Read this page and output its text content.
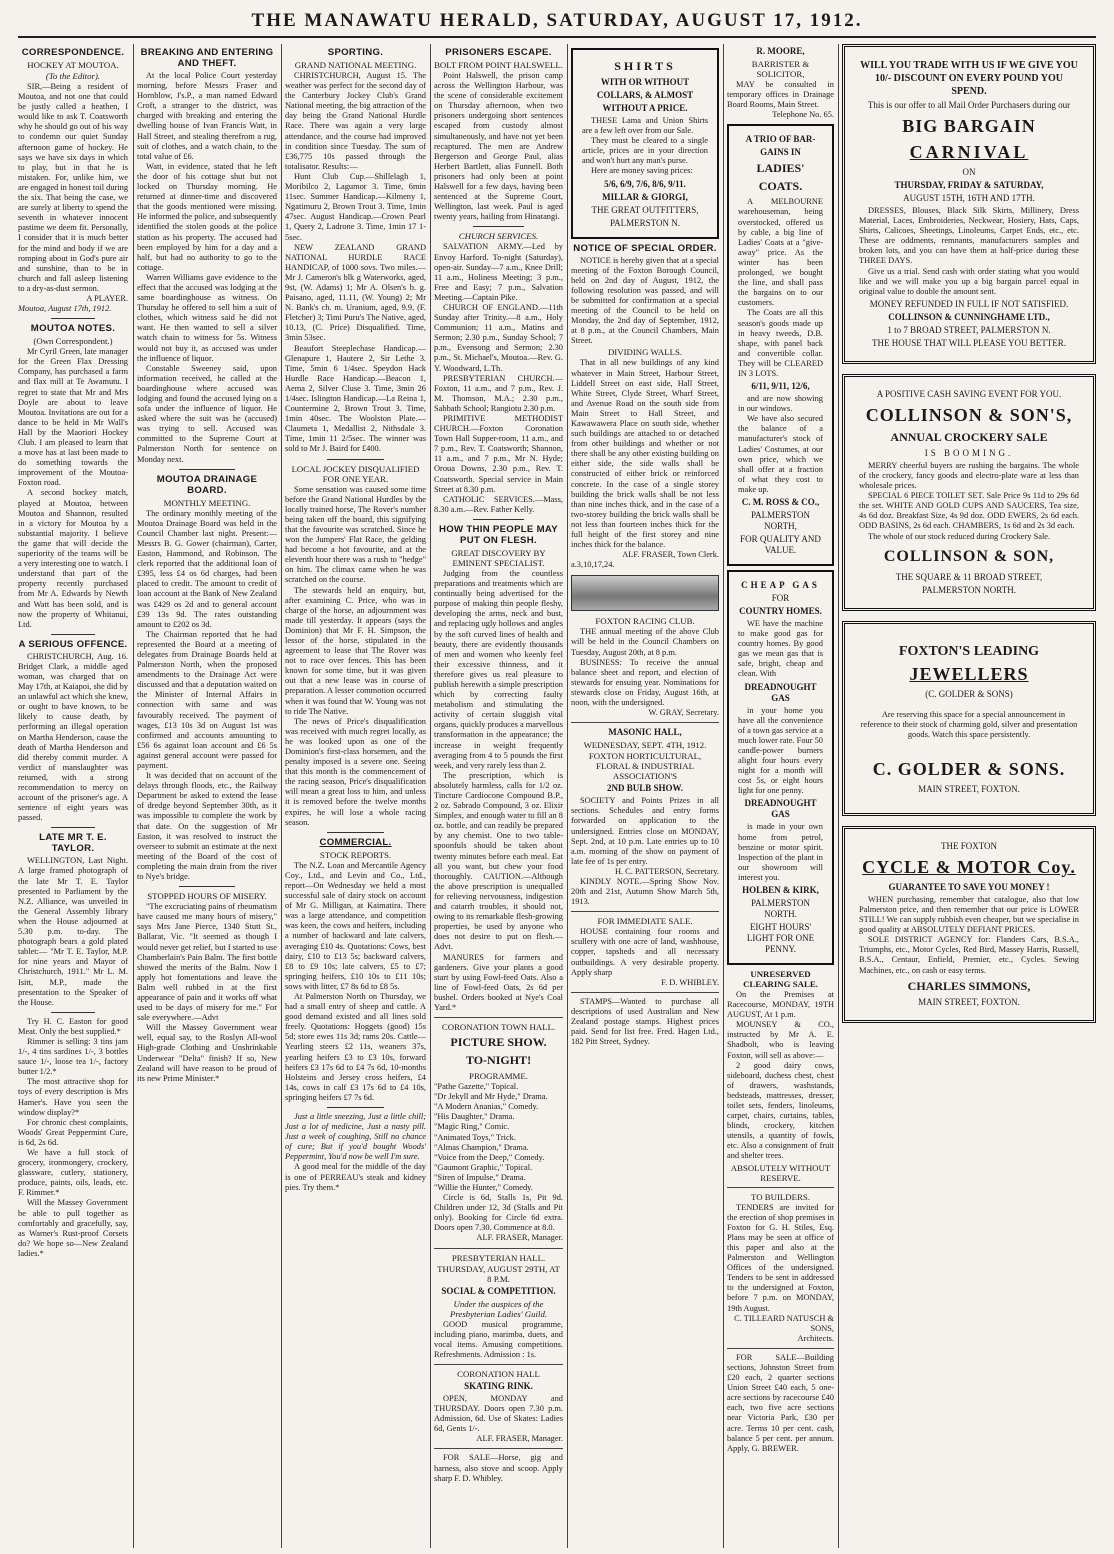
THE MANAWATU HERALD, SATURDAY, AUGUST 17, 1912.
CORRESPONDENCE.
HOCKEY AT MOUTOA.
(To the Editor).

SIR,—Being a resident of Moutoa, and not one that could be justly called a heathen, I would like to ask T. Coatsworth why he should go out of his way to condemn our quiet Sunday afternoon game of hockey. He says we have six days in which to play, but in that he is mistaken. For, unlike him, we are engaged in honest toil during the six. That being the case, we are surely at liberty to spend the seventh in whatever innocent pastime we deem fit. Personally, I consider that it is much better for the mind and body if we are romping about in God's pure air and sunshine, than to be in church and fall asleep listening to a dry-as-dust sermon.

A PLAYER.
Moutoa, August 17th, 1912.
MOUTOA NOTES.
(Own Correspondent.)

Mr Cyril Green, late manager for the Green Flax Dressing Company, has purchased a farm and flax mill at Te Awamutu. I regret to state that Mr and Mrs Doyle are about to leave Moutoa. Invitations are out for a dance to be held in Mr Wall's Hall by the Maoriori Hockey Club. I am pleased to learn that a move has at last been made to do something towards the improvement of the Moutoa-Foxton road.

A second hockey match, played at Moutoa, between Moutoa and Shannon, resulted in a victory for Moutoa by a substantial majority. I believe the game that will decide the superiority of the teams will be a very interesting one to watch. I understand that part of the property recently purchased from Mr A. Edwards by Newth and Watt has been sold, and is now the property of Whitanui, Ltd.

A SERIOUS OFFENCE.

CHRISTCHURCH, Aug. 16. Bridget Clark, a middle aged woman, was charged that on May 17th, at Kaiapoi, she did by an unlawful act which she knew, or ought to have known, to be likely to cause death, by performing an illegal operation on Martha Henderson, cause the death of Martha Henderson and did thereby commit murder. A verdict of manslaughter was returned, with a strong recommendation to mercy on account of the prisoner's age. A sentence of eight years was passed.

LATE MR T. E. TAYLOR.

WELLINGTON, Last Night. A large framed photograph of the late Mr T. E. Taylor presented to Parliament by the N.Z. Alliance, was unveiled in the General Assembly library when the House adjourned at 5.30 p.m. to-day. The photograph bears a gold plated tablet:— "Mr T. E. Taylor, M.P. for nine years and Mayor of Christchurch, 1911." Mr L. M. Isitt, M.P., made the presentation to the Speaker of the House.

Try H. C. Easton for good Meat. Only the best supplied.*

Rimmer is selling: 3 tins jam 1/-, 4 tins sardines 1/-, 3 bottles sauce 1/-, loose tea 1/-, factory butter 1/2.*

The most attractive shop for toys of every description is Mrs Hamer's. Have you seen the window display?*

For chronic chest complaints, Woods' Great Peppermint Cure, is 6d, 2s 6d.

We have a full stock of grocery, ironmongery, crockery, glassware, cutlery, stationery, produce, paints, oils, leads, etc. F. Rimmer.*

Will the Massey Government be able to pull together as comfortably and gracefully, say, as Warner's Rust-proof Corsets do? We hope so—New Zealand ladies.*

BREAKING AND ENTERING AND THEFT.

At the local Police Court yesterday morning, before Messrs Fraser and Hornblow, J's.P., a man named Edward Croft, a stranger to the district, was charged with breaking and entering the dwelling house of Ivan Francis Watt, in Hall Street, and stealing therefrom a rug, suit of clothes, and a watch chain, to the total value of £6.

Watt, in evidence, stated that he left the door of his cottage shut but not locked on Thursday morning. He returned at dinner-time and discovered that the goods mentioned were missing. He informed the police, and subsequently identified the stolen goods at the police station as his property. The accused had been employed by him for a day and a half, but had no authority to go to the cottage.

Warren Williams gave evidence to the effect that the accused was lodging at the same boardinghouse as witness. On Thursday he offered to sell him a suit of clothes, which witness said he did not want. He then wanted to sell a silver watch chain to witness for 5s. Witness would not buy it, as accused was under the influence of liquor.

Constable Sweeney said, upon information received, he called at the boardinghouse where accused was lodging and found the accused lying on a sofa under the influence of liquor. He asked where the suit was he (accused) was trying to sell. Accused was committed to the Supreme Court at Palmerston North for sentence on Monday next.

MOUTOA DRAINAGE BOARD.
MONTHLY MEETING.

The ordinary monthly meeting of the Moutoa Drainage Board was held in the Council Chamber last night. Present:—Messrs B. G. Gower (chairman), Carter, Easton, Hammond, and Robinson. The clerk reported that the additional loan of £395, less £4 os 6d charges, had been placed to credit. The amount to credit of loan account at the Bank of New Zealand was £429 os 2d and to general account £39 13s 9d. The rates outstanding amount to £202 os 3d.

The Chairman reported that he had represented the Board at a meeting of delegates from Drainage Boards held at Palmerston North, when the proposed amendments to the Drainage Act were discussed and that a deputation waited on the Minister of Internal Affairs in connection with same and was favourably received. The payment of wages, £13 10s 3d on August 1st was confirmed and accounts amounting to £56 6s against loan account and £6 5s against general account were passed for payment.

It was decided that on account of the delays through floods, etc., the Railway Department be asked to extend the lease of dredge beyond September 30th, as it was impossible to complete the work by that date. On the suggestion of Mr Easton, it was resolved to instruct the overseer to submit an estimate at the next meeting of the Board of the cost of completing the main drain from the river to Nye's bridge.

STOPPED HOURS OF MISERY.

"The excruciating pains of rheumatism have caused me many hours of misery," says Mrs Jane Pierce, 1340 Stutt St., Ballarat, Vic. "It seemed as though I would never get relief, but I started to use Chamberlain's Pain Balm. The first bottle showed the merits of the Balm. Now I apply hot fomentations and leave the Balm well rubbed in at the first appearance of pain and it works off what used to be days of misery for me." For sale everywhere.—Advt

Will the Massey Government wear well, equal say, to the Roslyn All-wool High-grade Clothing and Unshrinkable Underwear "Delta" finish? If so, New Zealand will have reason to be proud of its new Prime Minister.*

SPORTING.
GRAND NATIONAL MEETING.

CHRISTCHURCH, August 15. The weather was perfect for the second day of the Canterbury Jockey Club's Grand National meeting, the big attraction of the day being the Grand National Hurdle Race. There was again a very large attendance, and the course had improved in condition since Tuesday. The sum of £36,775 10s passed through the totalisator. Results:—

Hunt Club Cup.—Shillelagh 1, Moribilco 2, Lagumor 3. Time, 6min 11sec. Summer Handicap.—Kilmeny 1, Ngatimuru 2, Brown Trout 3. Time, 1min 47sec. August Handicap.—Crown Pearl 1, Query 2, Ladrone 3. Time, 1min 17 1-5sec.

NEW ZEALAND GRAND NATIONAL HURDLE RACE HANDICAP, of 1000 sovs. Two miles.—Mr J. Cameron's blk g Waterworks, aged, 9st, (W. Adams) 1; Mr A. Olsen's b. g. Paisano, aged, 11.11, (W. Young) 2; Mr N. Bank's ch. m. Uranium, aged, 9.9, (F. Fletcher) 3; Timi Puru's The Native, aged, 10.13, (C. Price) Disqualified. Time, 3min 53sec.

Beaufort Steeplechase Handicap.—Glenapure 1, Hautere 2, Sir Lethe 3. Time, 5min 6 1/4sec. Speydon Hack Hurdle Race Handicap.—Beacon 1, Aema 2, Silver Cluse 3. Time, 3min 26 1/4sec. Islington Handicap.—La Reina 1, Countermine 2, Brown Trout 3. Time, 1min 40sec. The Woolston Plate.—Claumeta 1, Medallist 2, Nithsdale 3. Time, 1min 11 2/5sec. The winner was sold to Mr J. Baird for £400.

LOCAL JOCKEY DISQUALIFIED FOR ONE YEAR.

Some sensation was caused some time before the Grand National Hurdles by the locally trained horse, The Rover's number being taken off the board, this signifying that the favourite was scratched. Since he won the Jumpers' Flat Race, the gelding had become a hot favourite, and at the eleventh hour there was a rush to "hedge" on him. The climax came when he was scratched on the course.

The stewards held an enquiry, but, after examining C. Price, who was in charge of the horse, an adjournment was made till yesterday. It appears (says the Dominion) that Mr F. H. Simpson, the lessor of the horse, stipulated in the agreement to lease that The Rover was not to race over fences. This has been known for some time, but it was given out that a new lease was in course of preparation. A lesser commotion occurred when it was found that W. Young was not to ride The Native.

The news of Price's disqualification was received with much regret locally, as he was looked upon as one of the Dominion's first-class horsemen, and the penalty imposed is a severe one. Seeing that this month is the commencement of the racing season, Price's disqualification will mean a great loss to him, and unless it is removed before the twelve months expires, he will lose a whole racing season.

COMMERCIAL.
STOCK REPORTS.

The N.Z. Loan and Mercantile Agency Coy., Ltd., and Levin and Co., Ltd., report—On Wednesday we held a most successful sale of dairy stock on account of Mr G. Milligan, at Kaimatira. There was a large attendance, and competition was keen, the cows and heifers, including a number of backward and late calvers, averaging £10 4s. Quotations: Cows, best dairy, £10 to £13 5s; backward calvers, £8 to £9 10s; late calvers, £5 to £7; springing heifers, £10 10s to £11 10s; sows with litter, £7 8s 6d to £8 5s.

At Palmerston North on Thursday, we had a small entry of sheep and cattle. A good demand existed and all lines sold freely. Quotations: Hoggets (good) 15s 5d; store ewes 11s 3d; rams 20s. Cattle—Yearling steers £2 11s, weaners 37s, yearling heifers £3 to £3 10s, forward heifers £3 17s 6d to £4 7s 6d, 10-months Holsteins and Jersey cross heifers, £4 14s, cows in calf £3 17s 6d to £4 10s, springing heifers £7 7s 6d.

Just a little sneezing, Just a little chill; Just a lot of medicine, Just a nasty pill. Just a week of coughing, Still no chance of cure; But if you'd bought Woods' Peppermint, You'd now be well I'm sure.

A good meal for the middle of the day is one of PERREAU's steak and kidney pies. Try them.*

PRISONERS ESCAPE.
BOLT FROM POINT HALSWELL.

Point Halswell, the prison camp across the Wellington Harbour, was the scene of considerable excitement on Thursday afternoon, when two prisoners undergoing short sentences escaped from custody almost simultaneously, and have not yet been recaptured. The men are Andrew Bergerson and George Paul, alias Herbert Bartlett, alias Funnell. Both prisoners had only been at point Halswell for a few days, having been sentenced at the Supreme Court, Wellington, last week. Paul is aged twenty years, hailing from Hinatangi.

CHURCH SERVICES.

SALVATION ARMY.—Led by Envoy Harford. To-night (Saturday), open-air. Sunday—7 a.m., Knee Drill; 11 a.m., Holiness Meeting; 3 p.m., Free and Easy; 7 p.m., Salvation Meeting.—Captain Pike.

CHURCH OF ENGLAND.—11th Sunday after Trinity.—8 a.m., Holy Communion; 11 a.m., Matins and Sermon; 2.30 p.m., Sunday School; 7 p.m., Evensong and Sermon; 2.30 p.m., St. Michael's, Moutoa.—Rev. G. Y. Woodward, L.Th.

PRESBYTERIAN CHURCH.—Foxton, 11 a.m., and 7 p.m., Rev. J. M. Thomson, M.A.; 2.30 p.m., Sabbath School; Rangiotu 2.30 p.m.

PRIMITIVE METHODIST CHURCH.—Foxton Coronation Town Hall Supper-room, 11 a.m., and 7 p.m., Rev. T. Coatsworth; Shannon, 11 a.m., and 7 p.m., Mr N. Hyde; Oroua Downs, 2.30 p.m., Rev. T. Coatsworth. Special service in Main Street at 8.30 p.m.

CATHOLIC SERVICES.—Mass, 8.30 a.m.—Rev. Father Kelly.

HOW THIN PEOPLE MAY PUT ON FLESH.
GREAT DISCOVERY BY EMINENT SPECIALIST.

Judging from the countless preparations and treatments which are continually being advertised for the purpose of making thin people fleshy, developing the arms, neck and bust, and replacing ugly hollows and angles by the soft curved lines of health and beauty, there are evidently thousands of men and women who keenly feel their excessive thinness, and it therefore gives us real pleasure to publish herewith a simple prescription which by correcting faulty metabolism and stimulating the activity of certain sluggish vital organs, quickly produces a marvellous transformation in the appearance; the increase in weight frequently averaging from 4 to 5 pounds the first week, and very rarely less than 2.

The prescription, which is absolutely harmless, calls for 1/2 oz. Tincture Cardiocone Compound B.P., 2 oz. Sabrado Compound, 3 oz. Elixir Simplex, and enough water to fill an 8 oz. bottle, and can readily be prepared by any chemist. One to two table-spoonfuls should be taken about twenty minutes before each meal. Eat all you want, but chew your food thoroughly. CAUTION.—Although the above prescription is unequalled for relieving nervousness, indigestion and catarrh troubles, it should not, owing to its remarkable flesh-growing properties, be used by anyone who does not desire to put on flesh.—Advt.

MANURES for farmers and gardeners. Give your plants a good start by using Fowl-feed Oats. Also a line of Fowl-feed Oats, 2s 6d per bushel. Orders booked at Nye's Coal Yard.*

CORONATION TOWN HALL.
PICTURE SHOW.
TO-NIGHT!
PROGRAMME.
"Pathe Gazette," Topical.
"Dr Jekyll and Mr Hyde," Drama.
"A Modern Ananias," Comedy.
"His Daughter," Drama.
"Magic Ring," Comic.
"Animated Toys," Trick.
"Almas Champion," Drama.
"Voice from the Deep," Comedy.
"Gaumont Graphic," Topical.
"Siren of Impulse," Drama.
"Willie the Hunter," Comedy.

Circle is 6d, Stalls 1s, Pit 9d. Children under 12, 3d (Stalls and Pit only). Booking for Circle 6d extra. Doors open 7.30. Commence at 8.0.

ALF. FRASER, Manager.
PRESBYTERIAN HALL.
THURSDAY, AUGUST 29TH, AT 8 P.M.
SOCIAL & COMPETITION.
Under the auspices of the Presbyterian Ladies' Guild.

GOOD musical programme, including piano, marimba, duets, and vocal items. Amusing competitions. Refreshments. Admission : 1s.

CORONATION HALL
SKATING RINK.

OPEN, MONDAY and THURSDAY. Doors open 7.30 p.m. Admission, 6d. Use of Skates: Ladies 6d, Gents 1/-.

ALF. FRASER, Manager.

FOR SALE—Horse, gig and harness, also stove and scoop. Apply sharp F. D. Whibley.

SHIRTS
WITH OR WITHOUT
COLLARS, & ALMOST
WITHOUT A PRICE.

THESE Lama and Union Shirts are a few left over from our Sale.

They must be cleared to a single article, prices are in your direction and won't hurt any man's purse.

Here are money saving prices:

5/6, 6/9, 7/6, 8/6, 9/11.
MILLAR & GIORGI,
THE GREAT OUTFITTERS,
PALMERSTON N.
NOTICE OF SPECIAL ORDER.

NOTICE is hereby given that at a special meeting of the Foxton Borough Council, held on 2nd day of August, 1912, the following resolution was passed, and will be submitted for confirmation at a special meeting of the Council to be held on Monday, the 2nd day of September, 1912, at 8 p.m., at the Council Chambers, Main Street.

DIVIDING WALLS.

That in all new buildings of any kind whatever in Main Street, Harbour Street, Liddell Street on east side, Hall Street, White Street, Clyde Street, Wharf Street, and Avenue Road on the south side from Main Street to Hall Street, and Kawawawera Place on south side, whether such buildings are attached to or detached from other buildings and whether or not there shall be any other existing building on either side, the side walls shall be constructed of either brick or reinforced concrete. In the case of a single storey building the brick walls shall be not less than nine inches thick, and in the case of a two-storey building the brick walls shall be not less than fourteen inches thick for the full height of the first storey and nine inches thick for the balance.

ALF. FRASER, Town Clerk.
a.3,10,17,24.
FOXTON RACING CLUB.

THE annual meeting of the above Club will be held in the Council Chambers on Tuesday, August 20th, at 8 p.m.

BUSINESS: To receive the annual balance sheet and report, and election of stewards for ensuing year. Nominations for stewards close on Friday, August 16th, at noon, with the undersigned.

W. GRAY, Secretary.
MASONIC HALL,
WEDNESDAY, SEPT. 4TH, 1912.
FOXTON HORTICULTURAL, FLORAL & INDUSTRIAL ASSOCIATION'S
2ND BULB SHOW.

SOCIETY and Points Prizes in all sections. Schedules and entry forms forwarded on application to the undersigned. Entries close on MONDAY, Sept. 2nd, at 10 p.m. Late entries up to 10 a.m. morning of the show on payment of late fee of 1s per entry.

H. C. PATTERSON, Secretary.

KINDLY NOTE.—Spring Show Nov. 20th and 21st, Autumn Show March 5th, 1913.

FOR IMMEDIATE SALE.

HOUSE containing four rooms and scullery with one acre of land, washhouse, copper, tapsheds and all necessary outbuildings. A very desirable property. Apply sharp

F. D. WHIBLEY.

STAMPS—Wanted to purchase all descriptions of used Australian and New Zealand postage stamps. Highest prices paid. Send for list free. Fred. Hagen Ltd., 182 Pitt Street, Sydney.

R. MOORE,
BARRISTER & SOLICITOR,

MAY be consulted in temporary offices in Drainage Board Rooms, Main Street.

Telephone No. 65.
A TRIO OF BAR-
GAINS IN
LADIES'
COATS.

A MELBOURNE warehouseman, being overstocked, offered us by cable, a big line of Ladies' Coats at a "give-away" price. As the winter has been prolonged, we bought the line, and shall pass the bargains on to our customers.

The Coats are all this season's goods made up in heavy tweeds, D.B. shape, with panel back and convertible collar. They will be CLEARED IN 3 LOTS.

6/11, 9/11, 12/6,

and are now showing in our windows.

We have also secured the balance of a manufacturer's stock of Ladies' Costumes, at our own price, which we shall offer at a fraction of what they cost to make up.

C. M. ROSS & CO.,
PALMERSTON NORTH,
FOR QUALITY AND VALUE.
CHEAP GAS
FOR
COUNTRY HOMES.

WE have the machine to make good gas for country homes. By good gas we mean gas that is safe, bright, cheap and clean. With

DREADNOUGHT GAS

in your home you have all the convenience of a town gas service at a much lower rate. Four 50 candle-power burners alight four hours every night for a month will cost 5s, or eight hours light for one penny.

DREADNOUGHT GAS

is made in your own home from petrol, benzine or motor spirit. Inspection of the plant in our showroom will interest you.

HOLBEN & KIRK,
PALMERSTON NORTH.
EIGHT HOURS' LIGHT FOR ONE PENNY.
UNRESERVED CLEARING SALE.

On the Premises at Racecourse, MONDAY, 19TH AUGUST, At 1 p.m.

MOUNSEY & CO., instructed by Mr A. E. Shadbolt, who is leaving Foxton, will sell as above:—

2 good dairy cows, sideboard, duchess chest, chest of drawers, washstands, bedsteads, mattresses, dresser, toilet sets, fenders, linoleums, carpet, chairs, curtains, tables, blinds, crockery, kitchen utensils, a quantity of fowls, etc. Also a consignment of fruit and shelter trees.

ABSOLUTELY WITHOUT RESERVE.
TO BUILDERS.

TENDERS are invited for the erection of shop premises in Foxton for G. H. Stiles, Esq. Plans may be seen at office of this paper and also at the Palmerston and Wellington Offices of the undersigned. Tenders to be sent in addressed to the undersigned at Foxton, before 7 p.m. on MONDAY, 19th August.

C. TILLEARD NATUSCH & SONS,
Architects.

FOR SALE—Building sections, Johnston Street from £20 each, 2 quarter sections Union Street £40 each, 5 one-acre sections by racecourse £40 each, two five acre sections near Victoria Park, £30 per acre. Terms 10 per cent. cash, balance 5 per cent. per annum. Apply, G. BREWER.

WILL YOU TRADE WITH US IF WE GIVE YOU 10/- DISCOUNT ON EVERY POUND YOU SPEND.
This is our offer to all Mail Order Purchasers during our
BIG BARGAIN
CARNIVAL
ON
THURSDAY, FRIDAY & SATURDAY,
AUGUST 15TH, 16TH AND 17TH.

DRESSES, Blouses, Black Silk Skirts, Millinery, Dress Material, Laces, Embroideries, Neckwear, Hosiery, Hats, Caps, Shirts, Calicoes, Sheetings, Linoleums, Carpet Ends, etc., etc. These are oddments, remnants, manufacturers samples and broken lots, and you can have them at half-price during these THREE DAYS.

Give us a trial. Send cash with order stating what you would like and we will make you up a big bargain parcel equal in original value to double the amount sent.

MONEY REFUNDED IN FULL IF NOT SATISFIED.
COLLINSON & CUNNINGHAME LTD.,
1 to 7 BROAD STREET, PALMERSTON N.
THE HOUSE THAT WILL PLEASE YOU BETTER.
A POSITIVE CASH SAVING EVENT FOR YOU.
COLLINSON & SON'S,
ANNUAL CROCKERY SALE
IS BOOMING.

MERRY cheerful buyers are rushing the bargains. The whole of the crockery, fancy goods and electro-plate ware at less than wholesale prices.

SPECIAL 6 PIECE TOILET SET. Sale Price 9s 11d to 29s 6d the set. WHITE AND GOLD CUPS AND SAUCERS, Tea size, 4s 6d doz. Breakfast Size, 4s 9d doz. ODD EWERS, 2s 6d each. ODD BASINS, 2s 6d each. CHAMBERS, 1s 6d and 2s 3d each.

The whole of our stock reduced during Crockery Sale.

COLLINSON & SON,
THE SQUARE & 11 BROAD STREET,
PALMERSTON NORTH.
FOXTON'S LEADING
JEWELLERS
(C. GOLDER & SONS)

Are reserving this space for a special announcement in reference to their stock of charming gold, silver and presentation goods. Watch this space persistently.

C. GOLDER & SONS.
MAIN STREET, FOXTON.
THE FOXTON
CYCLE & MOTOR Coy.
GUARANTEE TO SAVE YOU MONEY !

WHEN purchasing, remember that catalogue, also that low Palmerston price, and then remember that our price is LOWER STILL! We can supply rubbish even cheaper, but we specialise in good quality at ABSOLUTELY DEFIANT PRICES.

SOLE DISTRICT AGENCY for: Flanders Cars, B.S.A., Triumphs, etc., Motor Cycles, Red Bird, Massey Harris, Russell, B.S.A., Centaur, Enfield, Premier, etc., Cycles. Sewing Machines, etc., on cash or easy terms.

CHARLES SIMMONS,
MAIN STREET, FOXTON.
